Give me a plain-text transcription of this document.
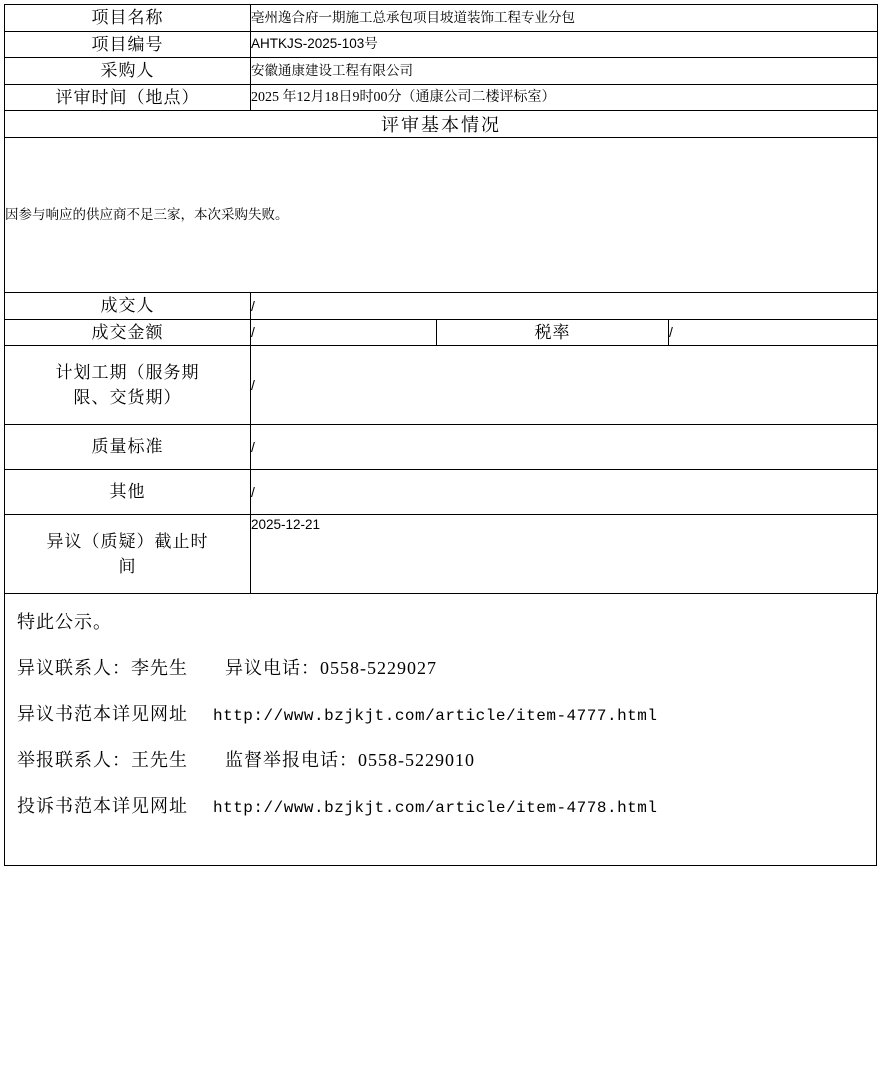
项目名称	亳州逸合府一期施工总承包项目坡道装饰工程专业分包		
项目编号	AHTKJS-2025-103号		
采购人	安徽通康建设工程有限公司		
评审时间（地点）	2025 年12月18日9时00分（通康公司二楼评标室）		
评审基本情况			
因参与响应的供应商不足三家，本次采购失败。			
成交人	/		
成交金额	/	税率	/

计划工期（服务期
限、交货期）	/		
质量标准	/		
其他	/		

异议（质疑）截止时
间	2025-12-21		
特此公示。
异议联系人：李先生 异议电话：0558-5229027
异议书范本详见网址 http://www.bzjkjt.com/article/item-4777.html
举报联系人：王先生 监督举报电话：0558-5229010
投诉书范本详见网址 http://www.bzjkjt.com/article/item-4778.html
